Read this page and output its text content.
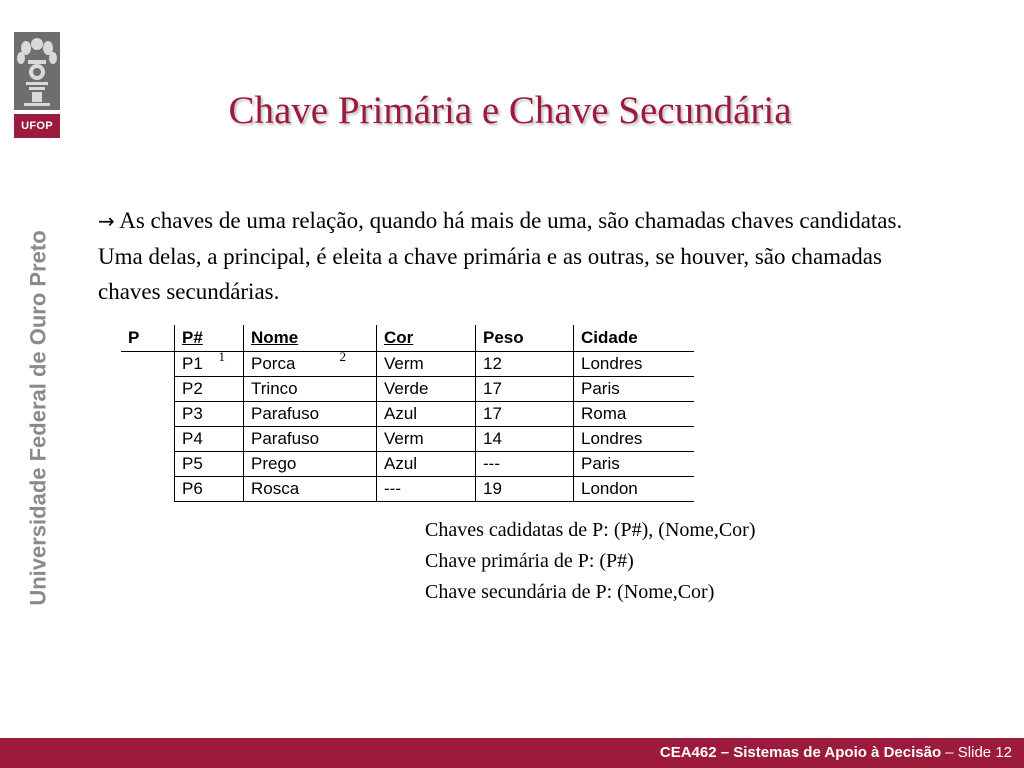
UFOP
Universidade Federal de Ouro Preto
Chave Primária e Chave Secundária
→ As chaves de uma relação, quando há mais de uma, são chamadas chaves candidatas. Uma delas, a principal, é eleita a chave primária e as outras, se houver, são chamadas chaves secundárias.
P	P#	Nome	Cor	Peso	Cidade
	P1 1	Porca 2	Verm	12	Londres
	P2	Trinco	Verde	17	Paris
	P3	Parafuso	Azul	17	Roma
	P4	Parafuso	Verm	14	Londres
	P5	Prego	Azul	---	Paris
	P6	Rosca	---	19	London
Chaves cadidatas de P: (P#), (Nome,Cor)
Chave primária de P: (P#)
Chave secundária de P: (Nome,Cor)
CEA462 – Sistemas de Apoio à Decisão – Slide 12
